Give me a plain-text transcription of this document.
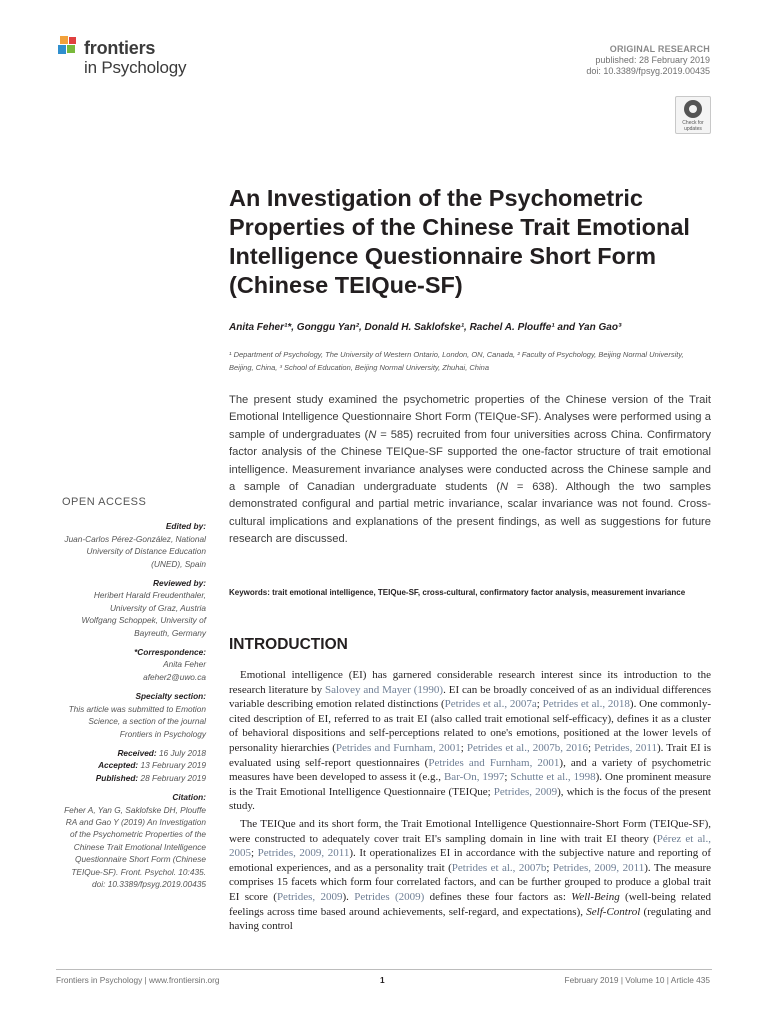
frontiers
in Psychology
ORIGINAL RESEARCH
published: 28 February 2019
doi: 10.3389/fpsyg.2019.00435
Check for updates
An Investigation of the Psychometric Properties of the Chinese Trait Emotional Intelligence Questionnaire Short Form (Chinese TEIQue-SF)
Anita Feher¹*, Gonggu Yan², Donald H. Saklofske¹, Rachel A. Plouffe¹ and Yan Gao³
¹ Department of Psychology, The University of Western Ontario, London, ON, Canada, ² Faculty of Psychology, Beijing Normal University, Beijing, China, ³ School of Education, Beijing Normal University, Zhuhai, China

The present study examined the psychometric properties of the Chinese version of the Trait Emotional Intelligence Questionnaire Short Form (TEIQue-SF). Analyses were performed using a sample of undergraduates (N = 585) recruited from four universities across China. Confirmatory factor analysis of the Chinese TEIQue-SF supported the one-factor structure of trait emotional intelligence. Measurement invariance analyses were conducted across the Chinese sample and a sample of Canadian undergraduate students (N = 638). Although the two samples demonstrated configural and partial metric invariance, scalar invariance was not found. Cross-cultural implications and explanations of the present findings, as well as suggestions for future research are discussed.

Keywords: trait emotional intelligence, TEIQue-SF, cross-cultural, confirmatory factor analysis, measurement invariance
OPEN ACCESS
Edited by:
Juan-Carlos Pérez-González, National University of Distance Education (UNED), Spain
Reviewed by:
Heribert Harald Freudenthaler, University of Graz, Austria
Wolfgang Schoppek, University of Bayreuth, Germany
*Correspondence:
Anita Feher
afeher2@uwo.ca
Specialty section:
This article was submitted to Emotion Science, a section of the journal Frontiers in Psychology
Received: 16 July 2018
Accepted: 13 February 2019
Published: 28 February 2019
Citation:
Feher A, Yan G, Saklofske DH, Plouffe RA and Gao Y (2019) An Investigation of the Psychometric Properties of the Chinese Trait Emotional Intelligence Questionnaire Short Form (Chinese TEIQue-SF). Front. Psychol. 10:435. doi: 10.3389/fpsyg.2019.00435
INTRODUCTION

Emotional intelligence (EI) has garnered considerable research interest since its introduction to the research literature by Salovey and Mayer (1990). EI can be broadly conceived of as an individual differences variable describing emotion related distinctions (Petrides et al., 2007a; Petrides et al., 2018). One commonly-cited description of EI, referred to as trait EI (also called trait emotional self-efficacy), defines it as a cluster of behavioral dispositions and self-perceptions related to one's emotions, positioned at the lower levels of personality hierarchies (Petrides and Furnham, 2001; Petrides et al., 2007b, 2016; Petrides, 2011). Trait EI is evaluated using self-report questionnaires (Petrides and Furnham, 2001), and a variety of psychometric measures have been developed to assess it (e.g., Bar-On, 1997; Schutte et al., 1998). One prominent measure is the Trait Emotional Intelligence Questionnaire (TEIQue; Petrides, 2009), which is the focus of the present study.

The TEIQue and its short form, the Trait Emotional Intelligence Questionnaire-Short Form (TEIQue-SF), were constructed to adequately cover trait EI's sampling domain in line with trait EI theory (Pérez et al., 2005; Petrides, 2009, 2011). It operationalizes EI in accordance with the subjective nature and reporting of emotional experiences, and as a personality trait (Petrides et al., 2007b; Petrides, 2009, 2011). The measure comprises 15 facets which form four correlated factors, and can be further grouped to produce a global trait EI score (Petrides, 2009). Petrides (2009) defines these four factors as: Well-Being (well-being related feelings across time based around achievements, self-regard, and expectations), Self-Control (regulating and having control

Frontiers in Psychology | www.frontiersin.org	1	February 2019 | Volume 10 | Article 435
